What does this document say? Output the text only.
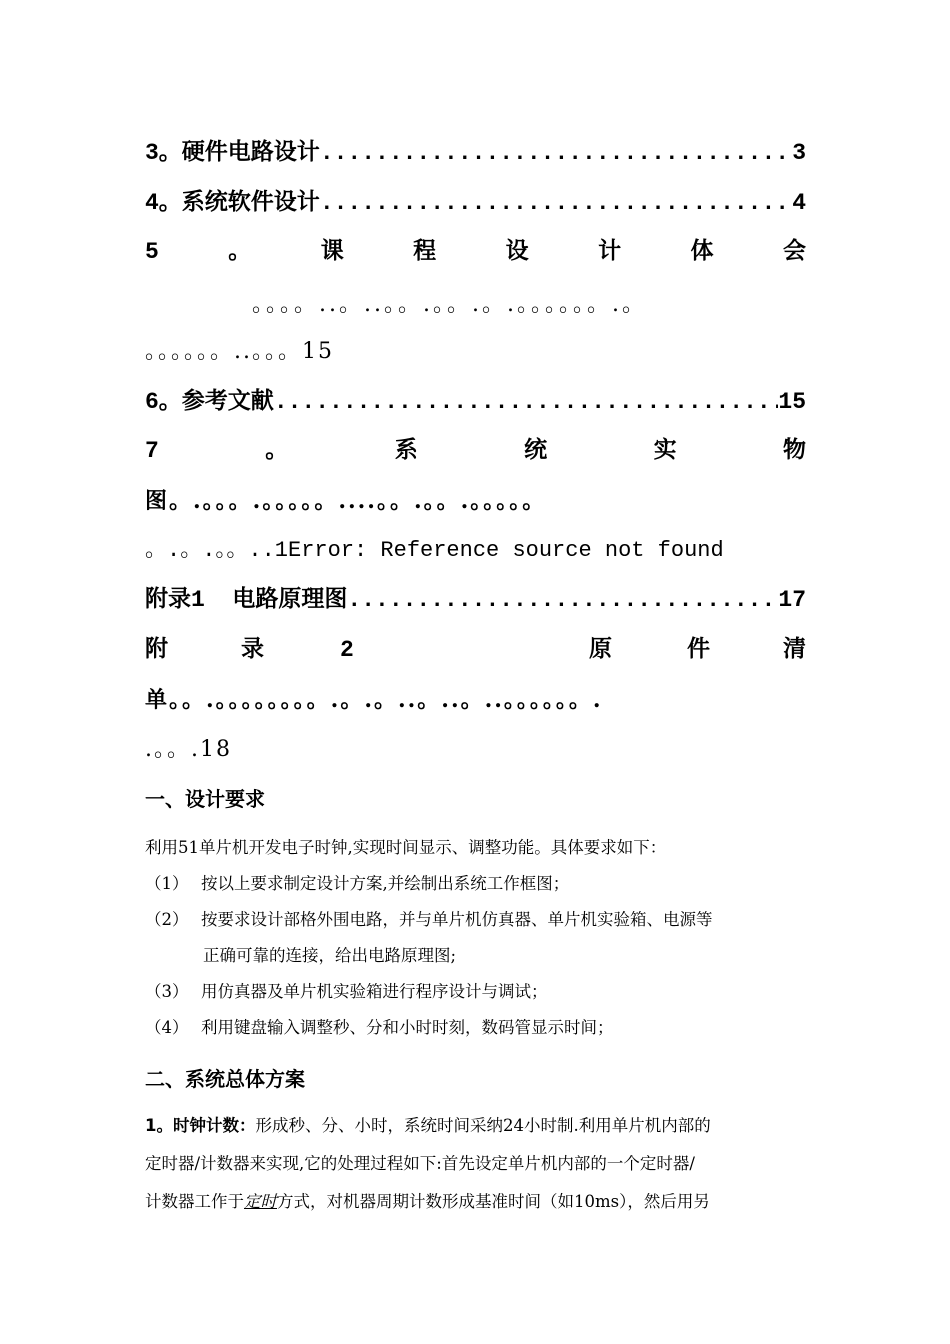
3。硬件电路设计 .....	3
4。系统软件设计 .....	4
5	。	课	程	设	计	体	会
。。。。..。..。。.。。.。.。。。。。。.。
。。。。。。..。。。15
6。参考文献 .....	15
7	。	系	统	实	物
图。.。。。.。。。。。....。。.。。.。。。。。
。.。.。。..1Error: Reference source not found
附录1  电路原理图 .....	17
附	录	2	原	件	清
单。。.。。。。。。。。.。.。..。..。..。。。。。。.
.。。.18
一、设计要求
利用51单片机开发电子时钟,实现时间显示、调整功能。具体要求如下：
（1） 按以上要求制定设计方案,并绘制出系统工作框图；
（2） 按要求设计部格外围电路，并与单片机仿真器、单片机实验箱、电源等
正确可靠的连接，给出电路原理图;
（3） 用仿真器及单片机实验箱进行程序设计与调试；
（4） 利用键盘输入调整秒、分和小时时刻，数码管显示时间；
二、系统总体方案
1。时钟计数：形成秒、分、小时，系统时间采纳24小时制.利用单片机内部的
定时器/计数器来实现,它的处理过程如下:首先设定单片机内部的一个定时器/
计数器工作于定时方式，对机器周期计数形成基准时间（如10ms），然后用另
